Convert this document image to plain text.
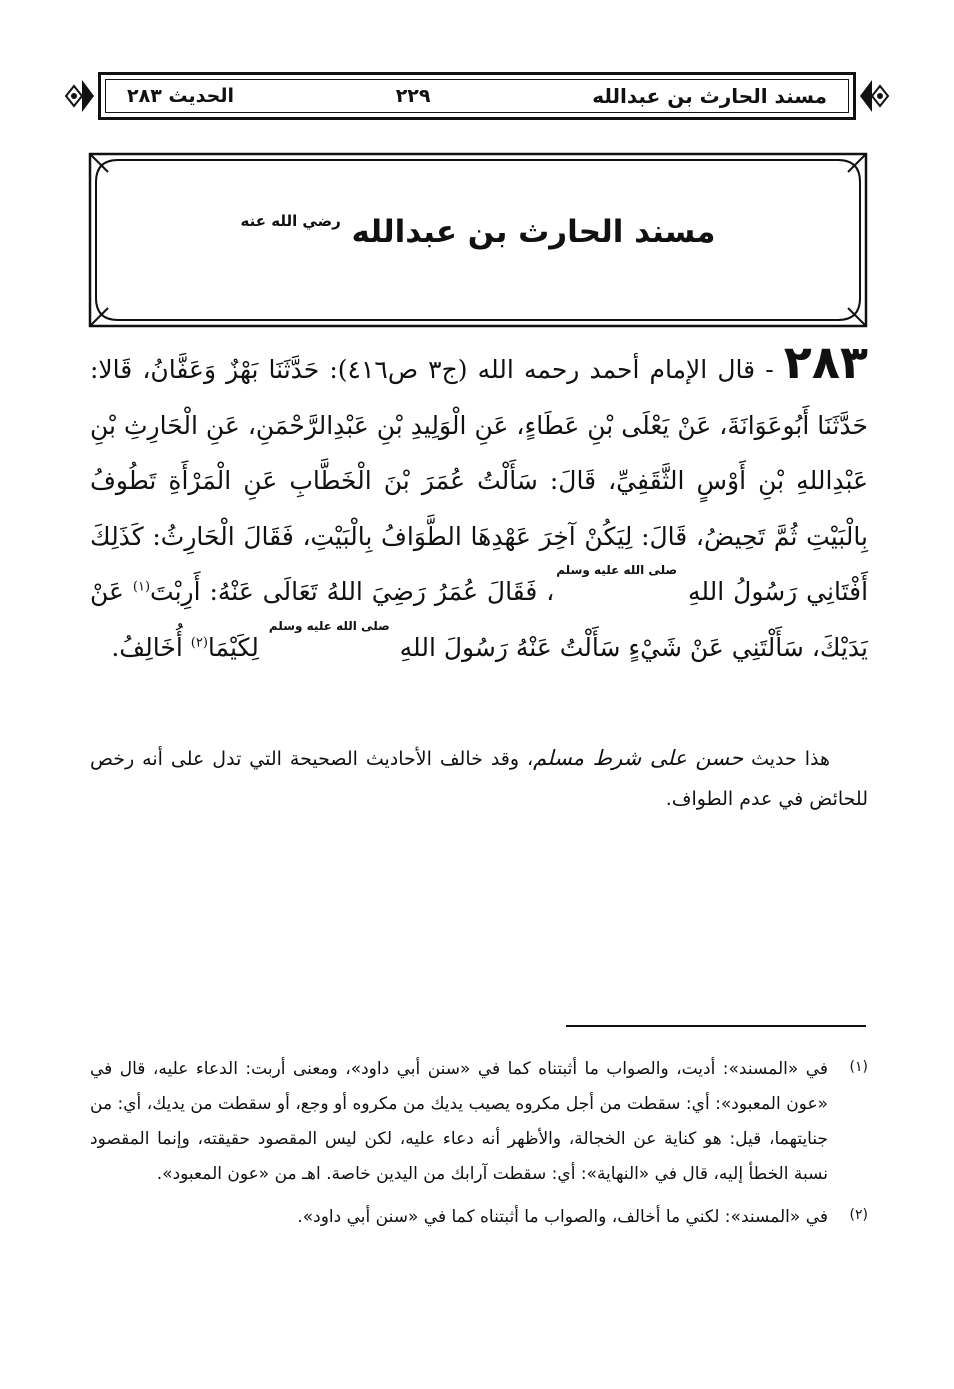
مسند الحارث بن عبدالله
٢٢٩
الحديث ٢٨٣
مسند الحارث بن عبدالله $^{رضي الله عنه}$
٢٨٣ - قال الإمام أحمد رحمه الله (ج٣ ص٤١٦): حَدَّثَنَا بَهْزٌ وَعَفَّانُ، قَالا: حَدَّثَنَا أَبُوعَوَانَةَ، عَنْ يَعْلَى بْنِ عَطَاءٍ، عَنِ الْوَلِيدِ بْنِ عَبْدِالرَّحْمَنِ، عَنِ الْحَارِثِ بْنِ عَبْدِاللهِ بْنِ أَوْسٍ الثَّقَفِيِّ، قَالَ: سَأَلْتُ عُمَرَ بْنَ الْخَطَّابِ عَنِ الْمَرْأَةِ تَطُوفُ بِالْبَيْتِ ثُمَّ تَحِيضُ، قَالَ: لِيَكُنْ آخِرَ عَهْدِهَا الطَّوَافُ بِالْبَيْتِ، فَقَالَ الْحَارِثُ: كَذَلِكَ أَفْتَانِي رَسُولُ اللهِ صلى الله عليه وسلم، فَقَالَ عُمَرُ رَضِيَ اللهُ تَعَالَى عَنْهُ: أَرِبْتَ$^{(١)}$ عَنْ يَدَيْكَ، سَأَلْتَنِي عَنْ شَيْءٍ سَأَلْتُ عَنْهُ رَسُولَ اللهِ صلى الله عليه وسلم لِكَيْمَا$^{(٢)}$ أُخَالِفُ.
هذا حديث حسن على شرط مسلم، وقد خالف الأحاديث الصحيحة التي تدل على أنه رخص للحائض في عدم الطواف.
(١)
في «المسند»: أديت، والصواب ما أثبتناه كما في «سنن أبي داود»، ومعنى أربت: الدعاء عليه، قال في «عون المعبود»: أي: سقطت من أجل مكروه يصيب يديك من مكروه أو وجع، أو سقطت من يديك، أي: من جنايتهما، قيل: هو كناية عن الخجالة، والأظهر أنه دعاء عليه، لكن ليس المقصود حقيقته، وإنما المقصود نسبة الخطأ إليه، قال في «النهاية»: أي: سقطت آرابك من اليدين خاصة. اهـ من «عون المعبود».
(٢)
في «المسند»: لكني ما أخالف، والصواب ما أثبتناه كما في «سنن أبي داود».
